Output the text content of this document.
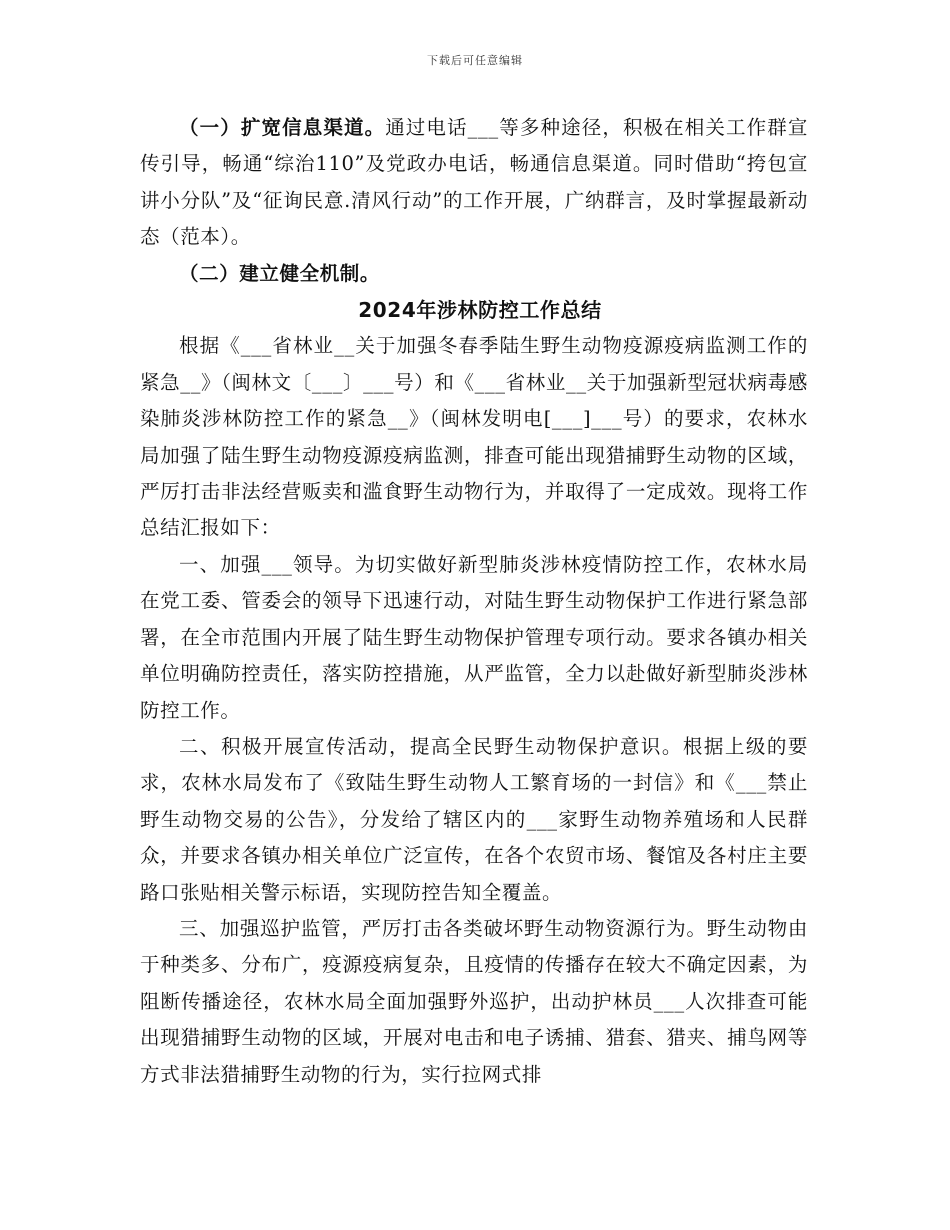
下载后可任意编辑

（一）扩宽信息渠道。通过电话___等多种途径，积极在相关工作群宣传引导，畅通“综治110”及党政办电话，畅通信息渠道。同时借助“挎包宣讲小分队”及“征询民意.清风行动”的工作开展，广纳群言，及时掌握最新动态（范本）。

（二）建立健全机制。

2024年涉林防控工作总结

根据《___省林业__关于加强冬春季陆生野生动物疫源疫病监测工作的紧急__》（闽林文〔___〕___号）和《___省林业__关于加强新型冠状病毒感染肺炎涉林防控工作的紧急__》（闽林发明电[___]___号）的要求，农林水局加强了陆生野生动物疫源疫病监测，排查可能出现猎捕野生动物的区域，严厉打击非法经营贩卖和滥食野生动物行为，并取得了一定成效。现将工作总结汇报如下：

一、加强___领导。为切实做好新型肺炎涉林疫情防控工作，农林水局在党工委、管委会的领导下迅速行动，对陆生野生动物保护工作进行紧急部署，在全市范围内开展了陆生野生动物保护管理专项行动。要求各镇办相关单位明确防控责任，落实防控措施，从严监管，全力以赴做好新型肺炎涉林防控工作。

二、积极开展宣传活动，提高全民野生动物保护意识。根据上级的要求，农林水局发布了《致陆生野生动物人工繁育场的一封信》和《___禁止野生动物交易的公告》，分发给了辖区内的___家野生动物养殖场和人民群众，并要求各镇办相关单位广泛宣传，在各个农贸市场、餐馆及各村庄主要路口张贴相关警示标语，实现防控告知全覆盖。

三、加强巡护监管，严厉打击各类破坏野生动物资源行为。野生动物由于种类多、分布广，疫源疫病复杂，且疫情的传播存在较大不确定因素，为阻断传播途径，农林水局全面加强野外巡护，出动护林员___人次排查可能出现猎捕野生动物的区域，开展对电击和电子诱捕、猎套、猎夹、捕鸟网等方式非法猎捕野生动物的行为，实行拉网式排
